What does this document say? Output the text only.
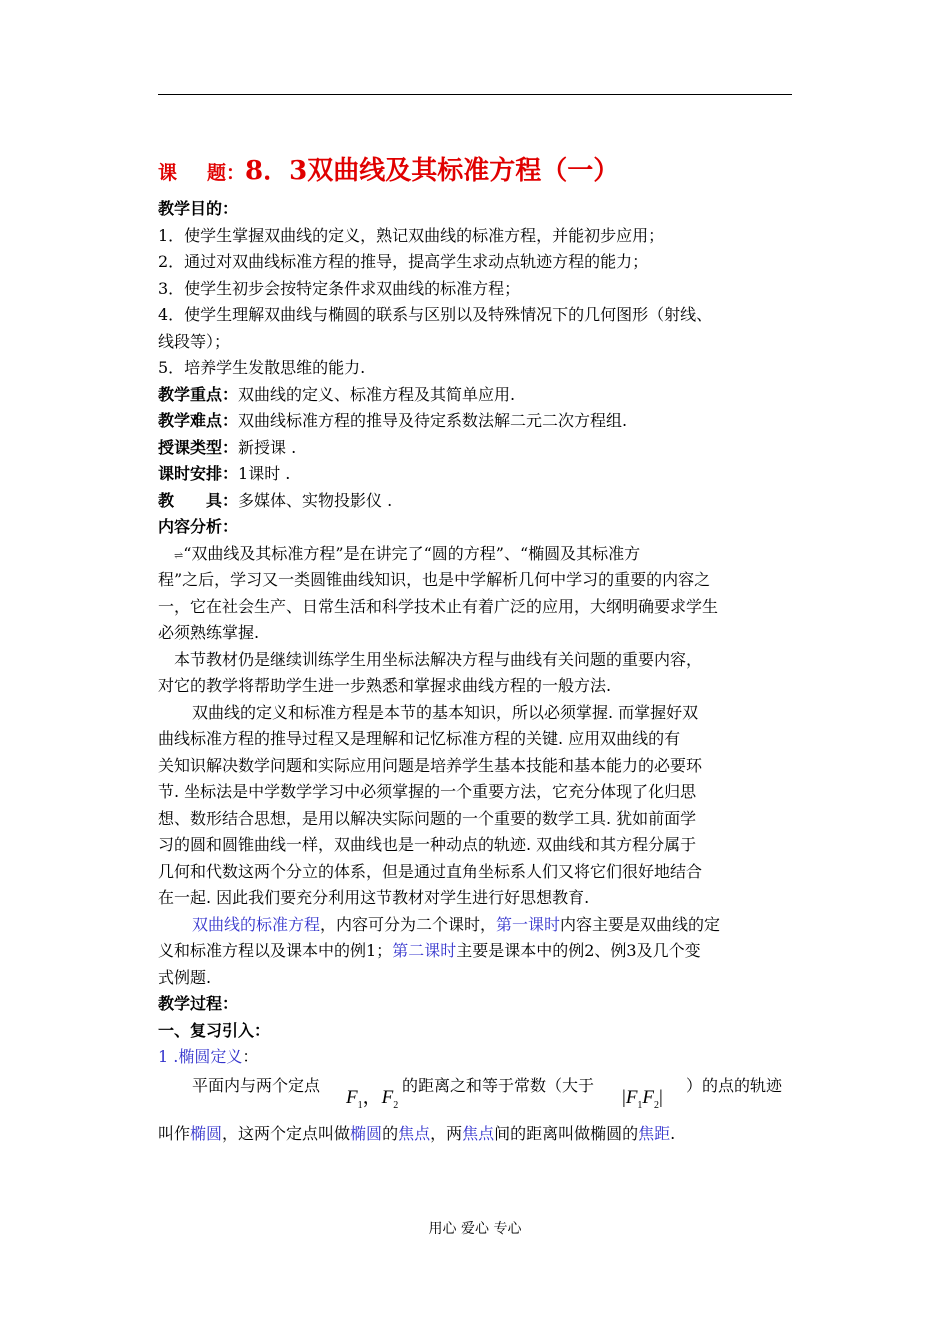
课 题：8．3双曲线及其标准方程（一）
教学目的：
1．使学生掌握双曲线的定义，熟记双曲线的标准方程，并能初步应用；
2．通过对双曲线标准方程的推导，提高学生求动点轨迹方程的能力；
3．使学生初步会按特定条件求双曲线的标准方程；
4．使学生理解双曲线与椭圆的联系与区别以及特殊情况下的几何图形（射线、
线段等）；
5．培养学生发散思维的能力.
教学重点：双曲线的定义、标准方程及其简单应用.
教学难点：双曲线标准方程的推导及待定系数法解二元二次方程组.
授课类型：新授课 .
课时安排：1课时 .
教 具：多媒体、实物投影仪 .
内容分析：
⇌“双曲线及其标准方程”是在讲完了“圆的方程”、“椭圆及其标准方
程”之后，学习又一类圆锥曲线知识，也是中学解析几何中学习的重要的内容之
一，它在社会生产、日常生活和科学技术止有着广泛的应用，大纲明确要求学生
必须熟练掌握.
本节教材仍是继续训练学生用坐标法解决方程与曲线有关问题的重要内容，
对它的教学将帮助学生进一步熟悉和掌握求曲线方程的一般方法.
双曲线的定义和标准方程是本节的基本知识，所以必须掌握. 而掌握好双
曲线标准方程的推导过程又是理解和记忆标准方程的关键. 应用双曲线的有
关知识解决数学问题和实际应用问题是培养学生基本技能和基本能力的必要环
节. 坐标法是中学数学学习中必须掌握的一个重要方法，它充分体现了化归思
想、数形结合思想，是用以解决实际问题的一个重要的数学工具. 犹如前面学
习的圆和圆锥曲线一样，双曲线也是一种动点的轨迹. 双曲线和其方程分属于
几何和代数这两个分立的体系，但是通过直角坐标系人们又将它们很好地结合
在一起. 因此我们要充分利用这节教材对学生进行好思想教育.
双曲线的标准方程，内容可分为二个课时，第一课时内容主要是双曲线的定
义和标准方程以及课本中的例1；第二课时主要是课本中的例2、例3及几个变
式例题.
教学过程：
一、复习引入：
1 .椭圆定义：
平面内与两个定点
$F_1$，$F_2$
的距离之和等于常数（大于
$|F_1F_2|$
）的点的轨迹
叫作椭圆，这两个定点叫做椭圆的焦点，两焦点间的距离叫做椭圆的焦距.
用心 爱心 专心
